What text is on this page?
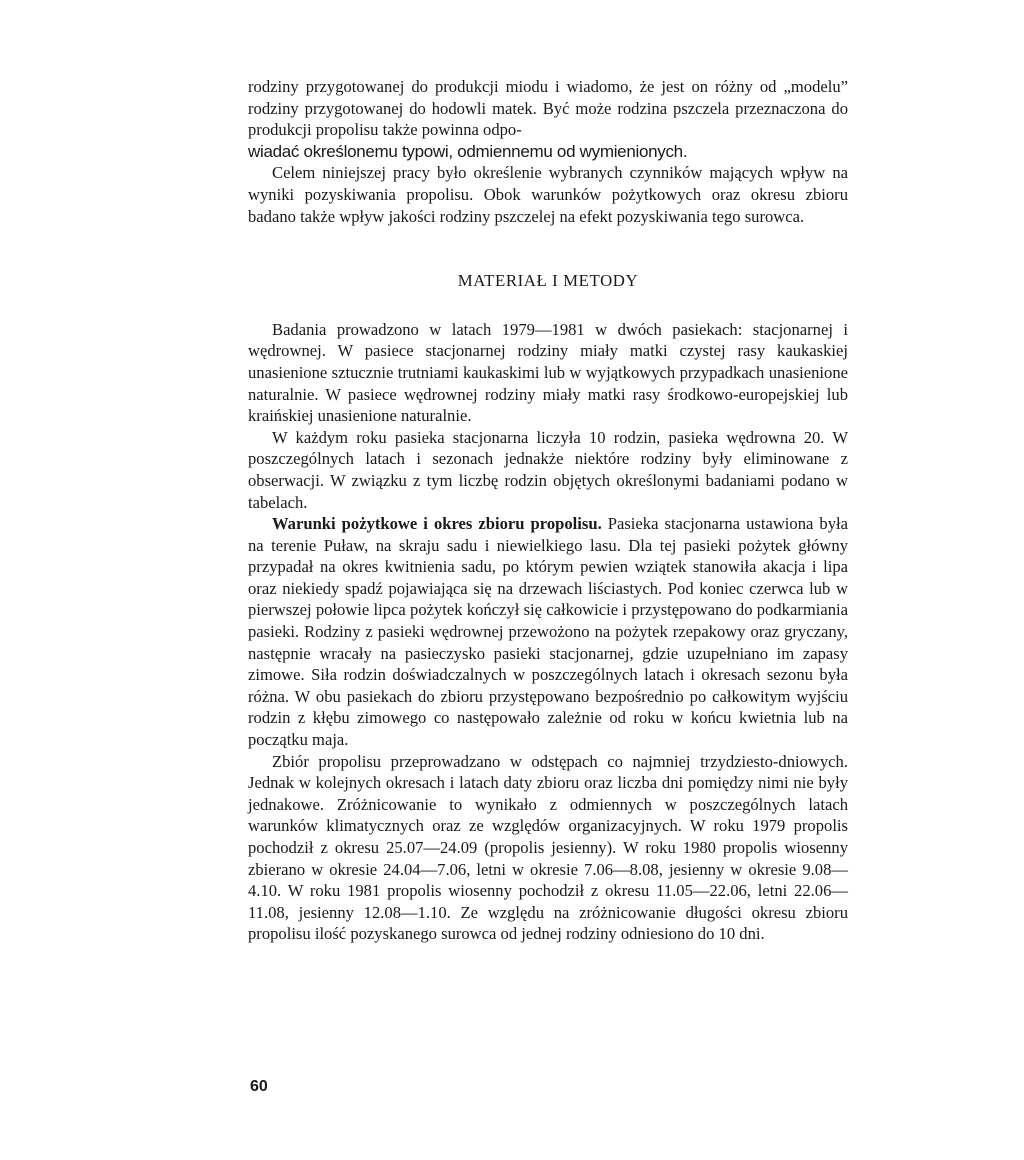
rodziny przygotowanej do produkcji miodu i wiadomo, że jest on różny od „modelu” rodziny przygotowanej do hodowli matek. Być może rodzina pszczela przeznaczona do produkcji propolisu także powinna odpo-
wiadać określonemu typowi, odmiennemu od wymienionych.

Celem niniejszej pracy było określenie wybranych czynników mających wpływ na wyniki pozyskiwania propolisu. Obok warunków pożytkowych oraz okresu zbioru badano także wpływ jakości rodziny pszczelej na efekt pozyskiwania tego surowca.

MATERIAŁ I METODY

Badania prowadzono w latach 1979—1981 w dwóch pasiekach: stacjonarnej i wędrownej. W pasiece stacjonarnej rodziny miały matki czystej rasy kaukaskiej unasienione sztucznie trutniami kaukaskimi lub w wyjątkowych przypadkach unasienione naturalnie. W pasiece wędrownej rodziny miały matki rasy środkowo-europejskiej lub kraińskiej unasienione naturalnie.

W każdym roku pasieka stacjonarna liczyła 10 rodzin, pasieka wędrowna 20. W poszczególnych latach i sezonach jednakże niektóre rodziny były eliminowane z obserwacji. W związku z tym liczbę rodzin objętych określonymi badaniami podano w tabelach.

Warunki pożytkowe i okres zbioru propolisu. Pasieka stacjonarna ustawiona była na terenie Puław, na skraju sadu i niewielkiego lasu. Dla tej pasieki pożytek główny przypadał na okres kwitnienia sadu, po którym pewien wziątek stanowiła akacja i lipa oraz niekiedy spadź pojawiająca się na drzewach liściastych. Pod koniec czerwca lub w pierwszej połowie lipca pożytek kończył się całkowicie i przystępowano do podkarmiania pasieki. Rodziny z pasieki wędrownej przewożono na pożytek rzepakowy oraz gryczany, następnie wracały na pasieczysko pasieki stacjonarnej, gdzie uzupełniano im zapasy zimowe. Siła rodzin doświadczalnych w poszczególnych latach i okresach sezonu była różna. W obu pasiekach do zbioru przystępowano bezpośrednio po całkowitym wyjściu rodzin z kłębu zimowego co następowało zależnie od roku w końcu kwietnia lub na początku maja.

Zbiór propolisu przeprowadzano w odstępach co najmniej trzydziesto-dniowych. Jednak w kolejnych okresach i latach daty zbioru oraz liczba dni pomiędzy nimi nie były jednakowe. Zróżnicowanie to wynikało z odmiennych w poszczególnych latach warunków klimatycznych oraz ze względów organizacyjnych. W roku 1979 propolis pochodził z okresu 25.07—24.09 (propolis jesienny). W roku 1980 propolis wiosenny zbierano w okresie 24.04—7.06, letni w okresie 7.06—8.08, jesienny w okresie 9.08—4.10. W roku 1981 propolis wiosenny pochodził z okresu 11.05—22.06, letni 22.06—11.08, jesienny 12.08—1.10. Ze względu na zróżnicowanie długości okresu zbioru propolisu ilość pozyskanego surowca od jednej rodziny odniesiono do 10 dni.

60
